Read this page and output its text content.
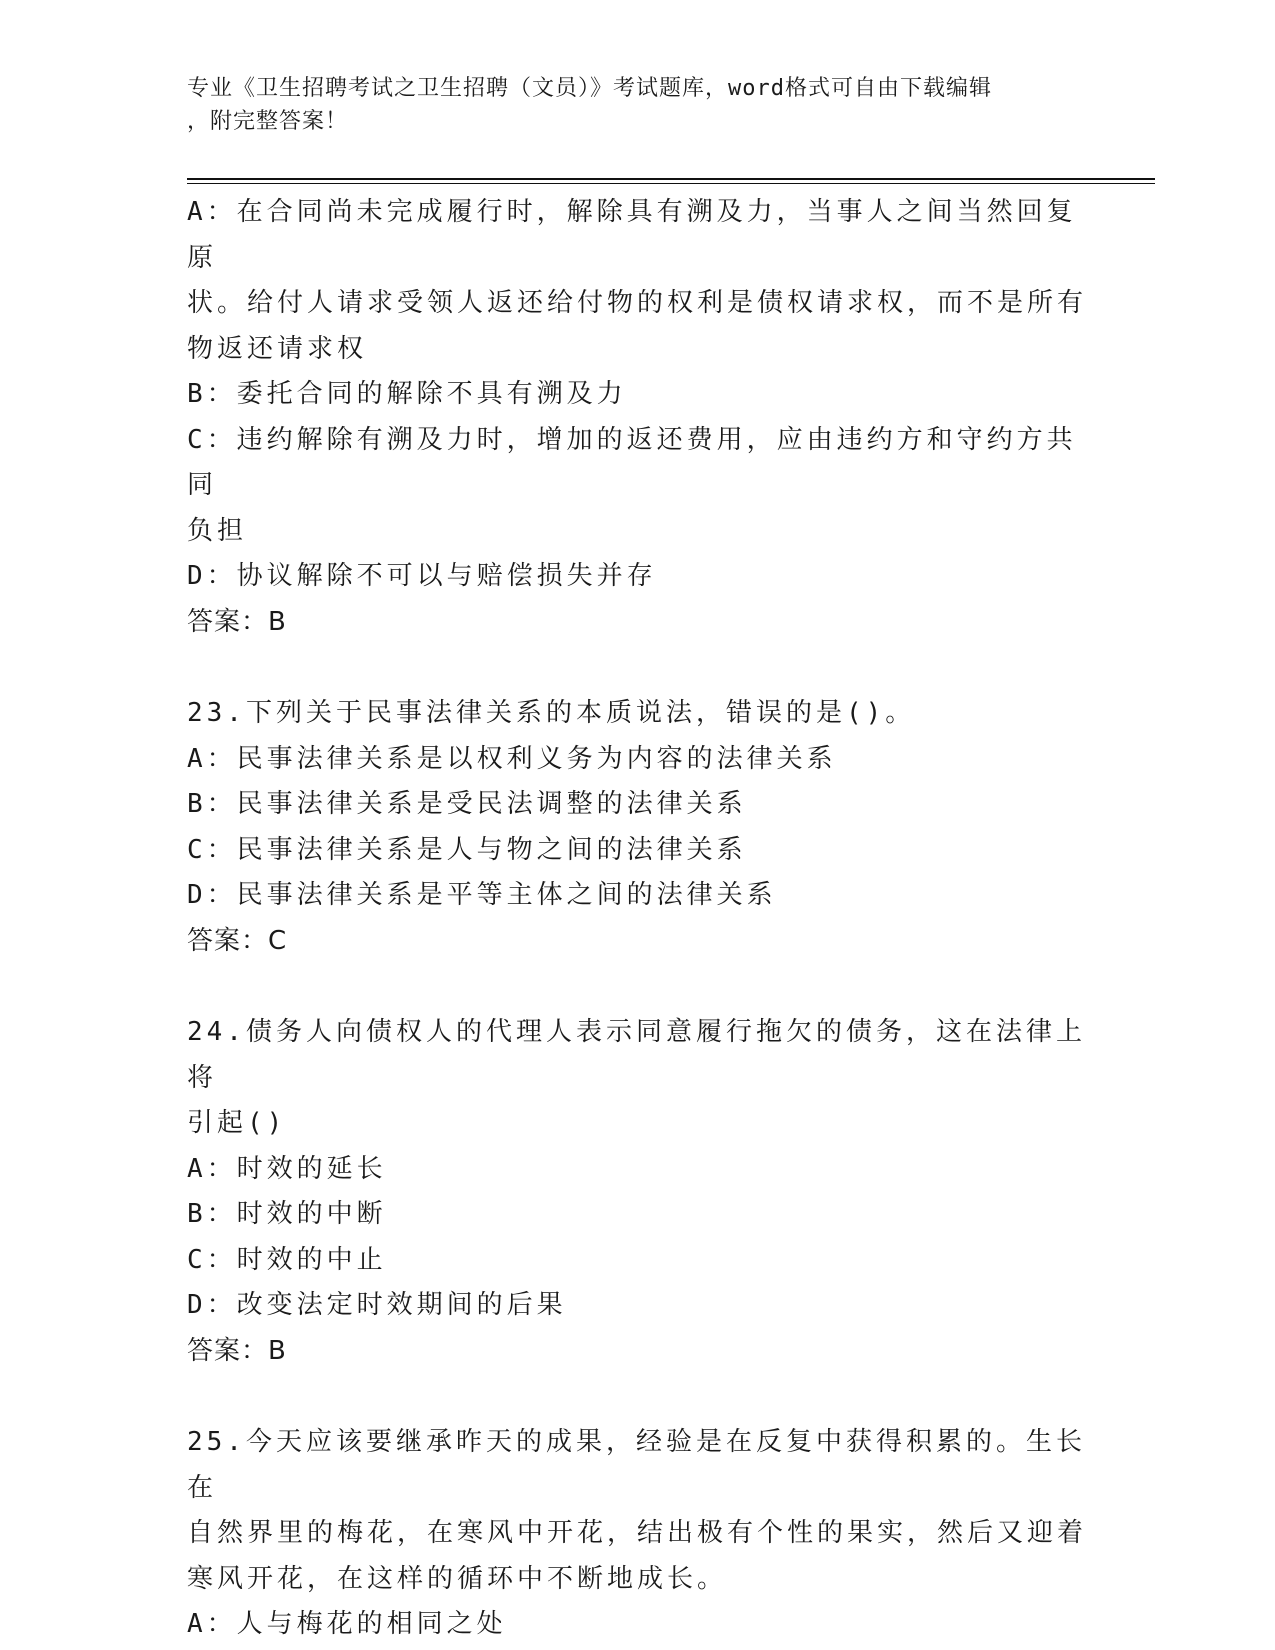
专业《卫生招聘考试之卫生招聘（文员）》考试题库，word格式可自由下载编辑
，附完整答案！

A：在合同尚未完成履行时，解除具有溯及力，当事人之间当然回复原

状。给付人请求受领人返还给付物的权利是债权请求权，而不是所有

物返还请求权

B：委托合同的解除不具有溯及力

C：违约解除有溯及力时，增加的返还费用，应由违约方和守约方共同

负担

D：协议解除不可以与赔偿损失并存

答案：B

23.下列关于民事法律关系的本质说法，错误的是()。

A：民事法律关系是以权利义务为内容的法律关系

B：民事法律关系是受民法调整的法律关系

C：民事法律关系是人与物之间的法律关系

D：民事法律关系是平等主体之间的法律关系

答案：C

24.债务人向债权人的代理人表示同意履行拖欠的债务，这在法律上将

引起()

A：时效的延长

B：时效的中断

C：时效的中止

D：改变法定时效期间的后果

答案：B

25.今天应该要继承昨天的成果，经验是在反复中获得积累的。生长在

自然界里的梅花，在寒风中开花，结出极有个性的果实，然后又迎着

寒风开花，在这样的循环中不断地成长。

A：人与梅花的相同之处
